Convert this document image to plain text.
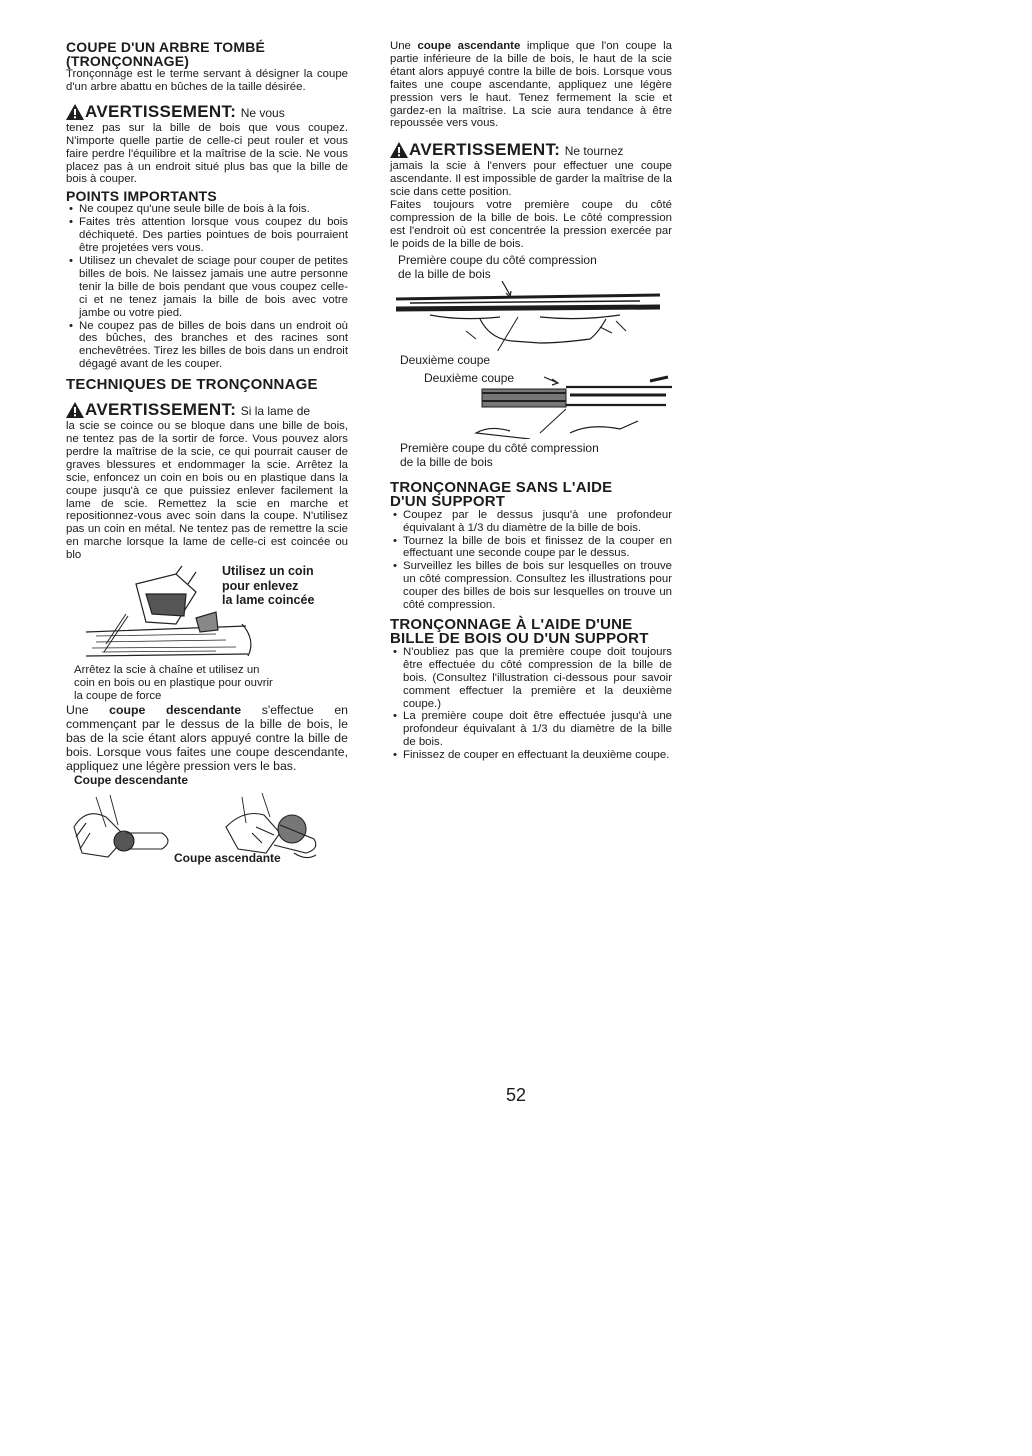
COUPE D'UN ARBRE TOMBÉ
(TRONÇONNAGE)

Tronçonnage est le terme servant à désigner la coupe d'un arbre abattu en bûches de la taille désirée.

AVERTISSEMENT: Ne vous

tenez pas sur la bille de bois que vous coupez. N'importe quelle partie de celle-ci peut rouler et vous faire perdre l'équilibre et la maîtrise de la scie. Ne vous placez pas à un endroit situé plus bas que la bille de bois à couper.

POINTS IMPORTANTS
• Ne coupez qu'une seule bille de bois à la fois.
• Faites très attention lorsque vous coupez du bois déchiqueté. Des parties pointues de bois pourraient être projetées vers vous.
• Utilisez un chevalet de sciage pour couper de petites billes de bois. Ne laissez jamais une autre personne tenir la bille de bois pendant que vous coupez celle-ci et ne tenez jamais la bille de bois avec votre jambe ou votre pied.
• Ne coupez pas de billes de bois dans un endroit où des bûches, des branches et des racines sont enchevêtrées. Tirez les billes de bois dans un endroit dégagé avant de les couper.
TECHNIQUES DE TRONÇONNAGE
AVERTISSEMENT: Si la lame de

la scie se coince ou se bloque dans une bille de bois, ne tentez pas de la sortir de force. Vous pouvez alors perdre la maîtrise de la scie, ce qui pourrait causer de graves blessures et endommager la scie. Arrêtez la scie, enfoncez un coin en bois ou en plastique dans la coupe jusqu'à ce que puissiez enlever facilement la lame de scie. Remettez la scie en marche et repositionnez-vous avec soin dans la coupe. N'utilisez pas un coin en métal. Ne tentez pas de remettre la scie en marche lorsque la lame de celle-ci est coincée ou blo

Utilisez un coin
pour enlevez
la lame coincée
Arrêtez la scie à chaîne et utilisez un
coin en bois ou en plastique pour ouvrir
la coupe de force

Une coupe descendante s'effectue en commençant par le dessus de la bille de bois, le bas de la scie étant alors appuyé contre la bille de bois. Lorsque vous faites une coupe descendante, appliquez une légère pression vers le bas.

Coupe descendante
Coupe ascendante

Une coupe ascendante implique que l'on coupe la partie inférieure de la bille de bois, le haut de la scie étant alors appuyé contre la bille de bois. Lorsque vous faites une coupe ascendante, appliquez une légère pression vers le haut. Tenez fermement la scie et gardez-en la maîtrise. La scie aura tendance à être repoussée vers vous.

AVERTISSEMENT: Ne tournez

jamais la scie à l'envers pour effectuer une coupe ascendante. Il est impossible de garder la maîtrise de la scie dans cette position.

Faites toujours votre première coupe du côté compression de la bille de bois. Le côté compression est l'endroit où est concentrée la pression exercée par le poids de la bille de bois.

Première coupe du côté compression
de la bille de bois
Deuxième coupe
Deuxième coupe
Première coupe du côté compression
de la bille de bois
TRONÇONNAGE SANS L'AIDE
D'UN SUPPORT
• Coupez par le dessus jusqu'à une profondeur équivalant à 1/3 du diamètre de la bille de bois.
• Tournez la bille de bois et finissez de la couper en effectuant une seconde coupe par le dessus.
• Surveillez les billes de bois sur lesquelles on trouve un côté compression. Consultez les illustrations pour couper des billes de bois sur lesquelles on trouve un côté compression.
TRONÇONNAGE À L'AIDE D'UNE
BILLE DE BOIS OU D'UN SUPPORT
• N'oubliez pas que la première coupe doit toujours être effectuée du côté compression de la bille de bois. (Consultez l'illustration ci-dessous pour savoir comment effectuer la première et la deuxième coupe.)
• La première coupe doit être effectuée jusqu'à une profondeur équivalant à 1/3 du diamètre de la bille de bois.
• Finissez de couper en effectuant la deuxième coupe.
52
